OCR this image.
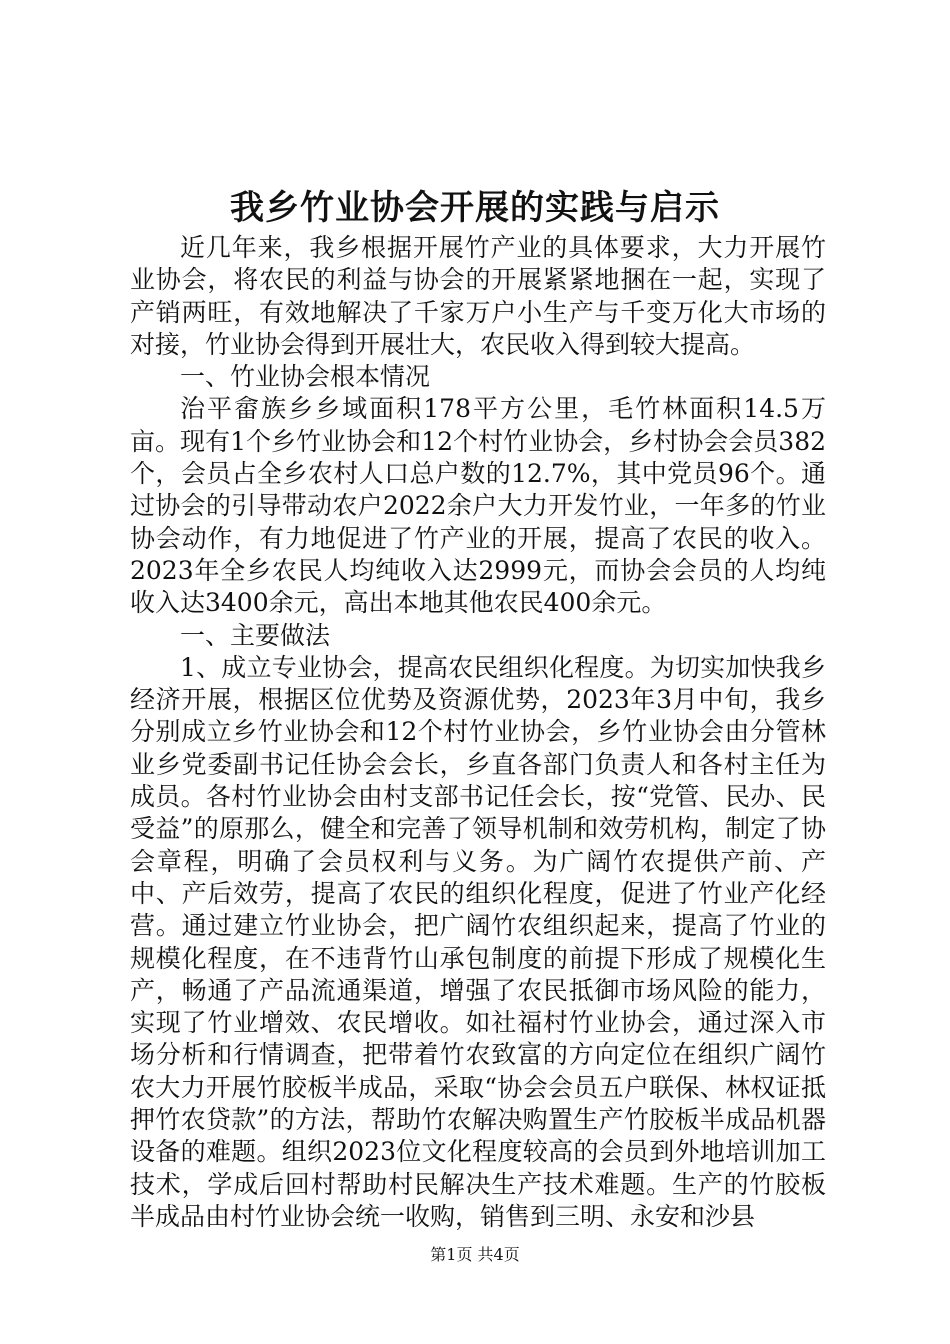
我乡竹业协会开展的实践与启示

近几年来，我乡根据开展竹产业的具体要求，大力开展竹业协会，将农民的利益与协会的开展紧紧地捆在一起，实现了产销两旺，有效地解决了千家万户小生产与千变万化大市场的对接，竹业协会得到开展壮大，农民收入得到较大提高。

一、竹业协会根本情况

治平畲族乡乡域面积178平方公里，毛竹林面积14.5万亩。现有1个乡竹业协会和12个村竹业协会，乡村协会会员382个，会员占全乡农村人口总户数的12.7%，其中党员96个。通过协会的引导带动农户2022余户大力开发竹业，一年多的竹业协会动作，有力地促进了竹产业的开展，提高了农民的收入。2023年全乡农民人均纯收入达2999元，而协会会员的人均纯收入达3400余元，高出本地其他农民400余元。

一、主要做法

1、成立专业协会，提高农民组织化程度。为切实加快我乡经济开展，根据区位优势及资源优势，2023年3月中旬，我乡分别成立乡竹业协会和12个村竹业协会，乡竹业协会由分管林业乡党委副书记任协会会长，乡直各部门负责人和各村主任为成员。各村竹业协会由村支部书记任会长，按“党管、民办、民受益”的原那么，健全和完善了领导机制和效劳机构，制定了协会章程，明确了会员权利与义务。为广阔竹农提供产前、产中、产后效劳，提高了农民的组织化程度，促进了竹业产化经营。通过建立竹业协会，把广阔竹农组织起来，提高了竹业的规模化程度，在不违背竹山承包制度的前提下形成了规模化生产，畅通了产品流通渠道，增强了农民抵御市场风险的能力，实现了竹业增效、农民增收。如社福村竹业协会，通过深入市场分析和行情调查，把带着竹农致富的方向定位在组织广阔竹农大力开展竹胶板半成品，采取“协会会员五户联保、林权证抵押竹农贷款”的方法，帮助竹农解决购置生产竹胶板半成品机器设备的难题。组织2023位文化程度较高的会员到外地培训加工技术，学成后回村帮助村民解决生产技术难题。生产的竹胶板半成品由村竹业协会统一收购，销售到三明、永安和沙县

第1页 共4页
